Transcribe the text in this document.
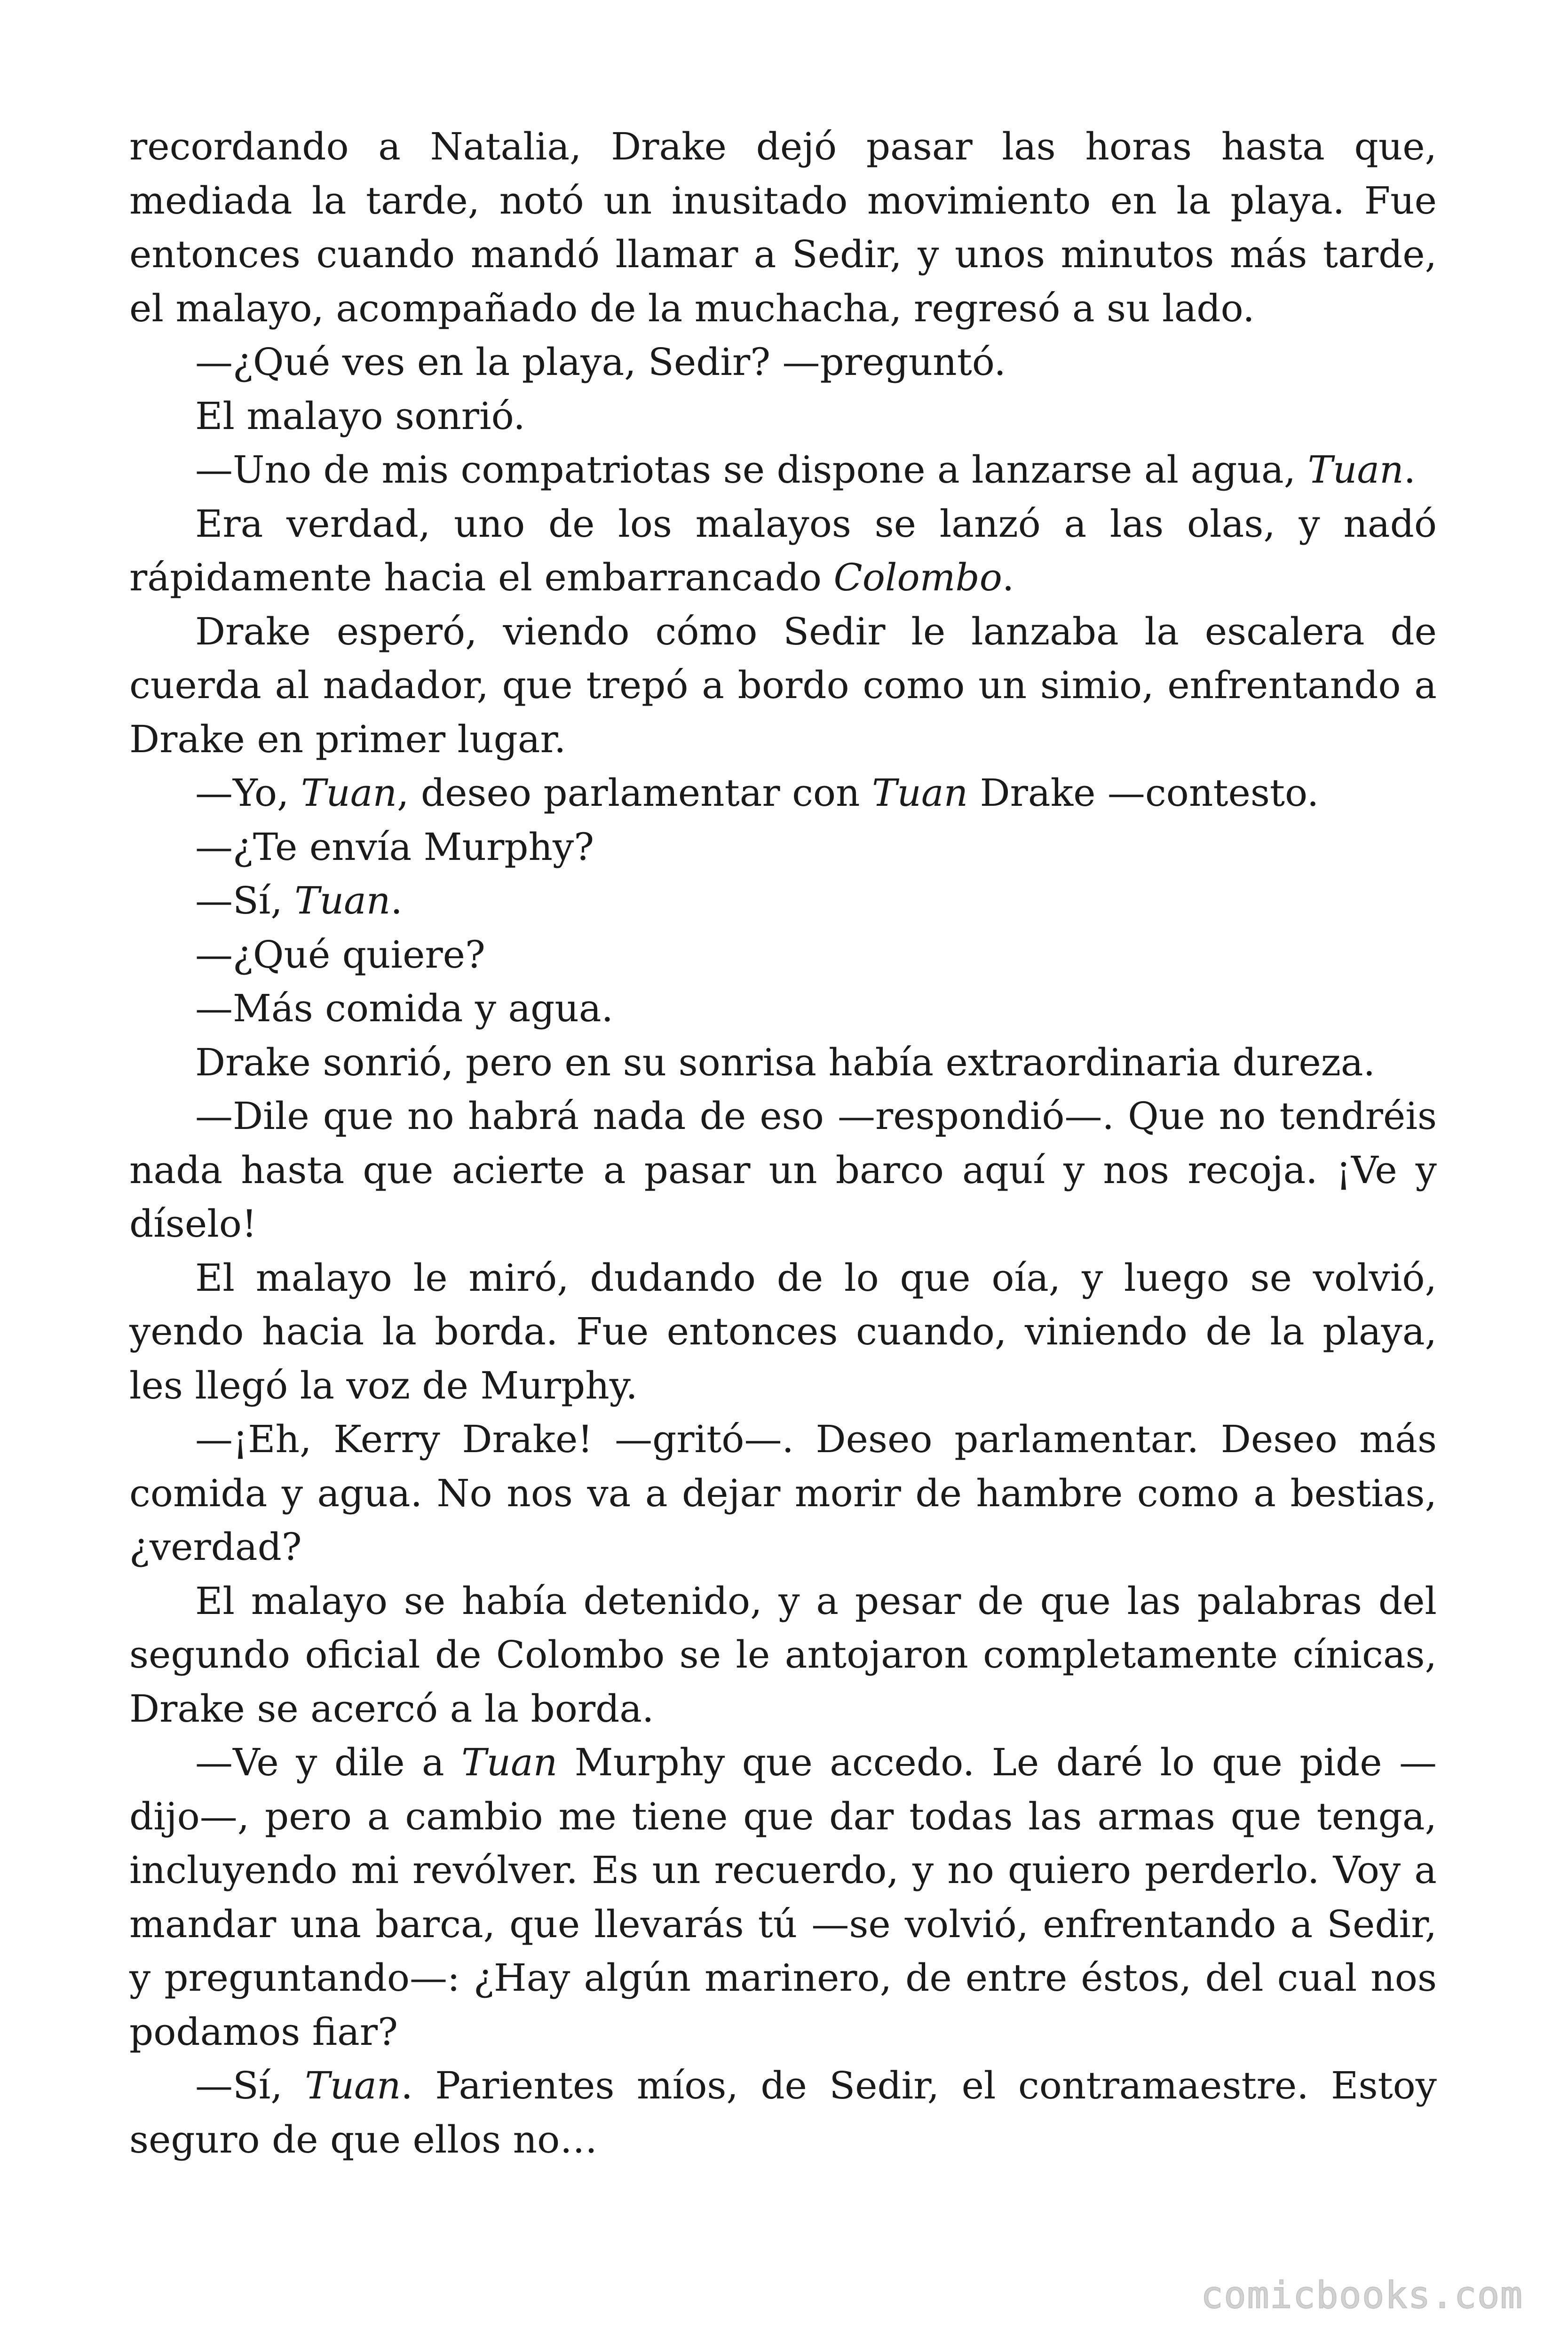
recordando a Natalia, Drake dejó pasar las horas hasta que, mediada la tarde, notó un inusitado movimiento en la playa. Fue entonces cuando mandó llamar a Sedir, y unos minutos más tarde, el malayo, acompañado de la muchacha, regresó a su lado.

—¿Qué ves en la playa, Sedir? —preguntó.

El malayo sonrió.

—Uno de mis compatriotas se dispone a lanzarse al agua, Tuan.

Era verdad, uno de los malayos se lanzó a las olas, y nadó rápidamente hacia el embarrancado Colombo.

Drake esperó, viendo cómo Sedir le lanzaba la escalera de cuerda al nadador, que trepó a bordo como un simio, enfrentando a Drake en primer lugar.

—Yo, Tuan, deseo parlamentar con Tuan Drake —contesto.

—¿Te envía Murphy?

—Sí, Tuan.

—¿Qué quiere?

—Más comida y agua.

Drake sonrió, pero en su sonrisa había extraordinaria dureza.

—Dile que no habrá nada de eso —respondió—. Que no tendréis nada hasta que acierte a pasar un barco aquí y nos recoja. ¡Ve y díselo!

El malayo le miró, dudando de lo que oía, y luego se volvió, yendo hacia la borda. Fue entonces cuando, viniendo de la playa, les llegó la voz de Murphy.

—¡Eh, Kerry Drake! —gritó—. Deseo parlamentar. Deseo más comida y agua. No nos va a dejar morir de hambre como a bestias, ¿verdad?

El malayo se había detenido, y a pesar de que las palabras del segundo oficial de Colombo se le antojaron completamente cínicas, Drake se acercó a la borda.

—Ve y dile a Tuan Murphy que accedo. Le daré lo que pide —dijo—, pero a cambio me tiene que dar todas las armas que tenga, incluyendo mi revólver. Es un recuerdo, y no quiero perderlo. Voy a mandar una barca, que llevarás tú —se volvió, enfrentando a Sedir, y preguntando—: ¿Hay algún marinero, de entre éstos, del cual nos podamos fiar?

—Sí, Tuan. Parientes míos, de Sedir, el contramaestre. Estoy seguro de que ellos no…

comicbooks.com
